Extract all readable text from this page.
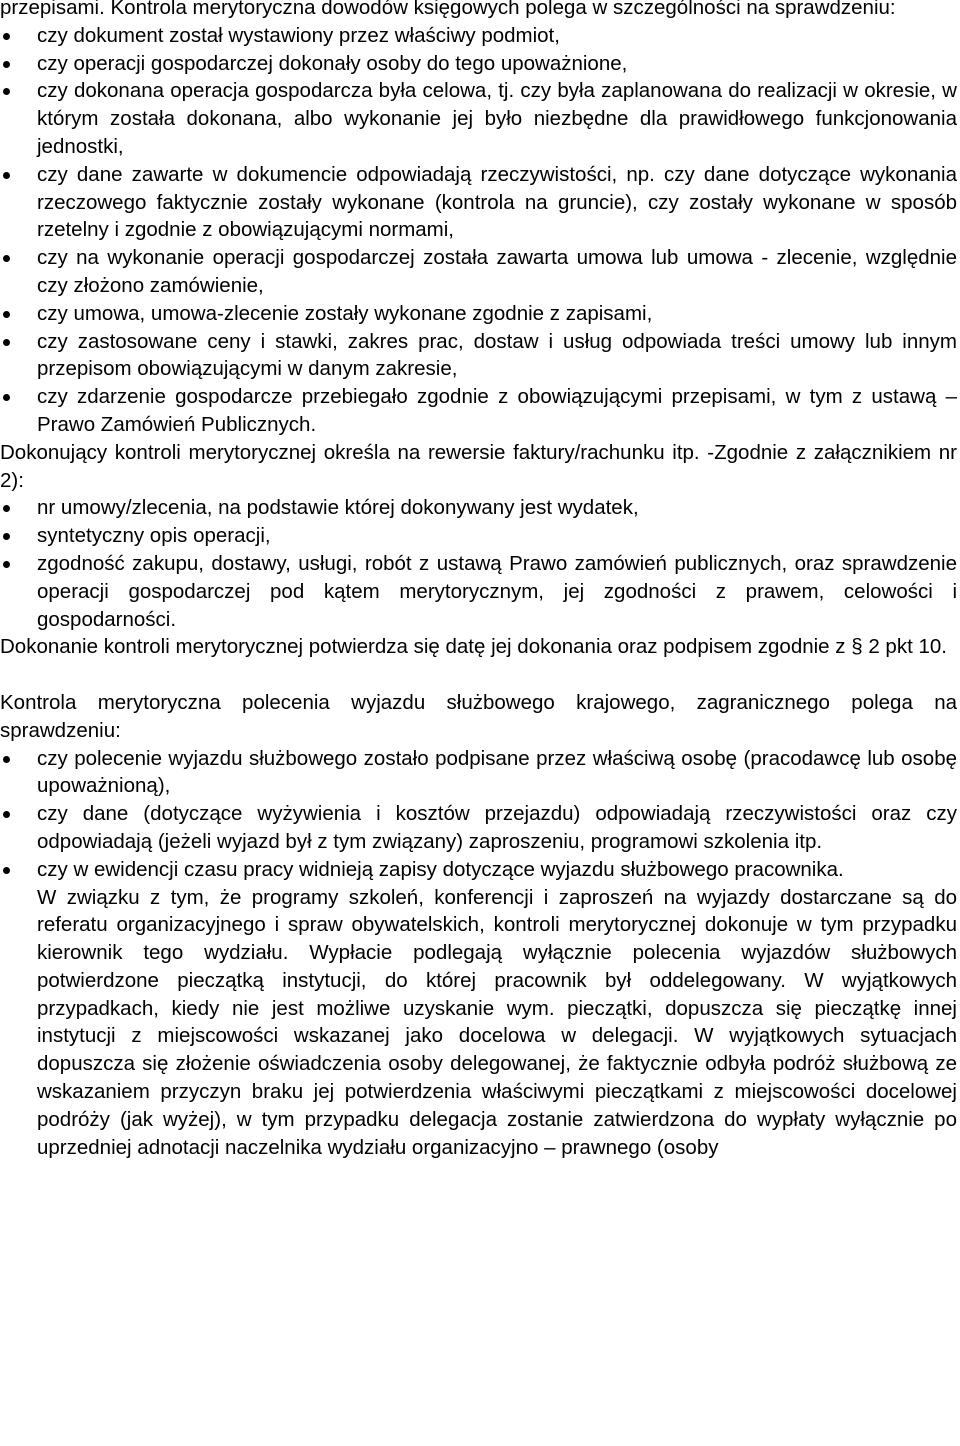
przepisami. Kontrola merytoryczna dowodów księgowych polega w szczególności na sprawdzeniu:

czy dokument został wystawiony przez właściwy podmiot,
czy operacji gospodarczej dokonały osoby do tego upoważnione,
czy dokonana operacja gospodarcza była celowa, tj. czy była zaplanowana do realizacji w okresie, w którym została dokonana, albo wykonanie jej było niezbędne dla prawidłowego funkcjonowania jednostki,
czy dane zawarte w dokumencie odpowiadają rzeczywistości, np. czy dane dotyczące wykonania rzeczowego faktycznie zostały wykonane (kontrola na gruncie), czy zostały wykonane w sposób rzetelny i zgodnie z obowiązującymi normami,
czy na wykonanie operacji gospodarczej została zawarta umowa lub umowa - zlecenie, względnie czy złożono zamówienie,
czy umowa, umowa-zlecenie zostały wykonane zgodnie z zapisami,
czy zastosowane ceny i stawki, zakres prac, dostaw i usług odpowiada treści umowy lub innym przepisom obowiązującymi w danym zakresie,
czy zdarzenie gospodarcze przebiegało zgodnie z obowiązującymi przepisami, w tym z ustawą – Prawo Zamówień Publicznych.

Dokonujący kontroli merytorycznej określa na rewersie faktury/rachunku itp. -Zgodnie z załącznikiem nr 2):

nr umowy/zlecenia, na podstawie której dokonywany jest wydatek,
syntetyczny opis operacji,
zgodność zakupu, dostawy, usługi, robót z ustawą Prawo zamówień publicznych, oraz sprawdzenie operacji gospodarczej pod kątem merytorycznym, jej zgodności z prawem, celowości i gospodarności.

Dokonanie kontroli merytorycznej potwierdza się datę jej dokonania oraz podpisem zgodnie z § 2 pkt 10.

Kontrola merytoryczna polecenia wyjazdu służbowego krajowego, zagranicznego polega na sprawdzeniu:

czy polecenie wyjazdu służbowego zostało podpisane przez właściwą osobę (pracodawcę lub osobę upoważnioną),
czy dane (dotyczące wyżywienia i kosztów przejazdu) odpowiadają rzeczywistości oraz czy odpowiadają (jeżeli wyjazd był z tym związany) zaproszeniu, programowi szkolenia itp.
czy w ewidencji czasu pracy widnieją zapisy dotyczące wyjazdu służbowego pracownika.

W związku z tym, że programy szkoleń, konferencji i zaproszeń na wyjazdy dostarczane są do referatu organizacyjnego i spraw obywatelskich, kontroli merytorycznej dokonuje w tym przypadku kierownik tego wydziału. Wypłacie podlegają wyłącznie polecenia wyjazdów służbowych potwierdzone pieczątką instytucji, do której pracownik był oddelegowany. W wyjątkowych przypadkach, kiedy nie jest możliwe uzyskanie wym. pieczątki, dopuszcza się pieczątkę innej instytucji z miejscowości wskazanej jako docelowa w delegacji. W wyjątkowych sytuacjach dopuszcza się złożenie oświadczenia osoby delegowanej, że faktycznie odbyła podróż służbową ze wskazaniem przyczyn braku jej potwierdzenia właściwymi pieczątkami z miejscowości docelowej podróży (jak wyżej), w tym przypadku delegacja zostanie zatwierdzona do wypłaty wyłącznie po uprzedniej adnotacji naczelnika wydziału organizacyjno – prawnego (osoby
